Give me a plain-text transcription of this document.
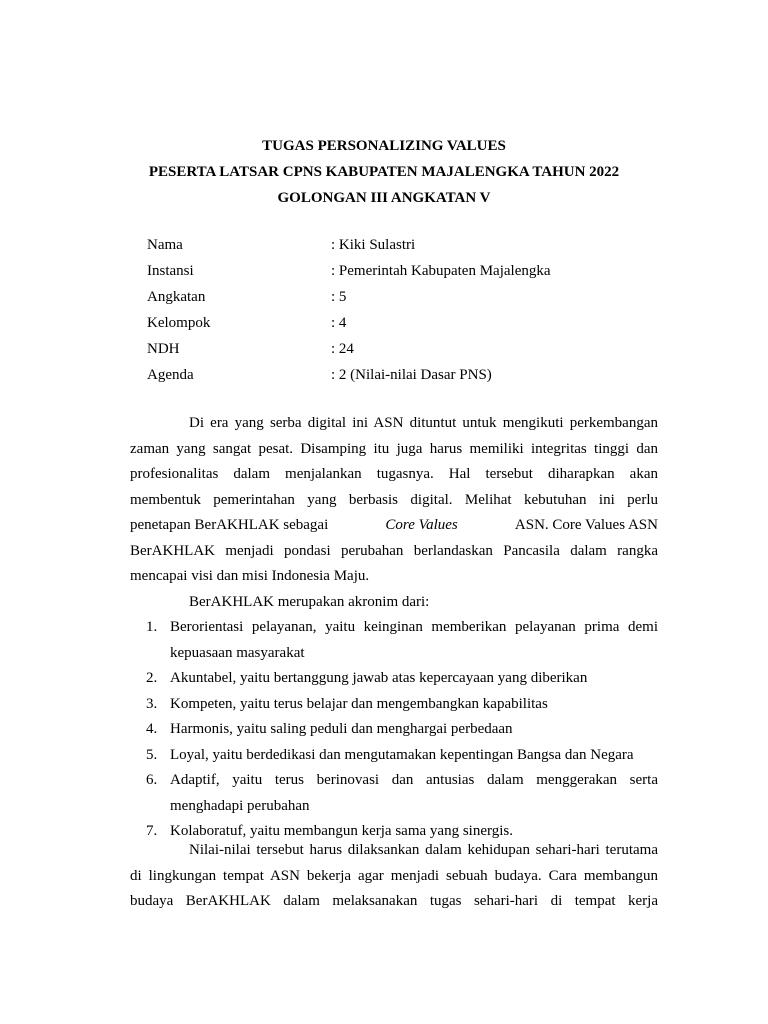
TUGAS PERSONALIZING VALUES
PESERTA LATSAR CPNS KABUPATEN MAJALENGKA TAHUN 2022
GOLONGAN III ANGKATAN V
Nama	: Kiki Sulastri
Instansi	: Pemerintah Kabupaten Majalengka
Angkatan	: 5
Kelompok	: 4
NDH	: 24
Agenda	: 2 (Nilai-nilai Dasar PNS)
Di era yang serba digital ini ASN dituntut untuk mengikuti perkembangan
zaman yang sangat pesat. Disamping itu juga harus memiliki integritas tinggi dan
profesionalitas dalam menjalankan tugasnya. Hal tersebut diharapkan akan
membentuk pemerintahan yang berbasis digital. Melihat kebutuhan ini perlu
penetapan BerAKHLAK sebagai	Core Values	ASN. Core Values ASN
BerAKHLAK menjadi pondasi perubahan berlandaskan Pancasila dalam rangka
mencapai visi dan misi Indonesia Maju.
BerAKHLAK merupakan akronim dari:
1. Berorientasi pelayanan, yaitu keinginan memberikan pelayanan prima demi
kepuasaan masyarakat
2. Akuntabel, yaitu bertanggung jawab atas kepercayaan yang diberikan
3. Kompeten, yaitu terus belajar dan mengembangkan kapabilitas
4. Harmonis, yaitu saling peduli dan menghargai perbedaan
5. Loyal, yaitu berdedikasi dan mengutamakan kepentingan Bangsa dan Negara
6. Adaptif, yaitu terus berinovasi dan antusias dalam menggerakan serta
menghadapi perubahan
7. Kolaboratuf, yaitu membangun kerja sama yang sinergis.
Nilai-nilai tersebut harus dilaksankan dalam kehidupan sehari-hari terutama
di lingkungan tempat ASN bekerja agar menjadi sebuah budaya. Cara membangun
budaya BerAKHLAK dalam melaksanakan tugas sehari-hari di tempat kerja
